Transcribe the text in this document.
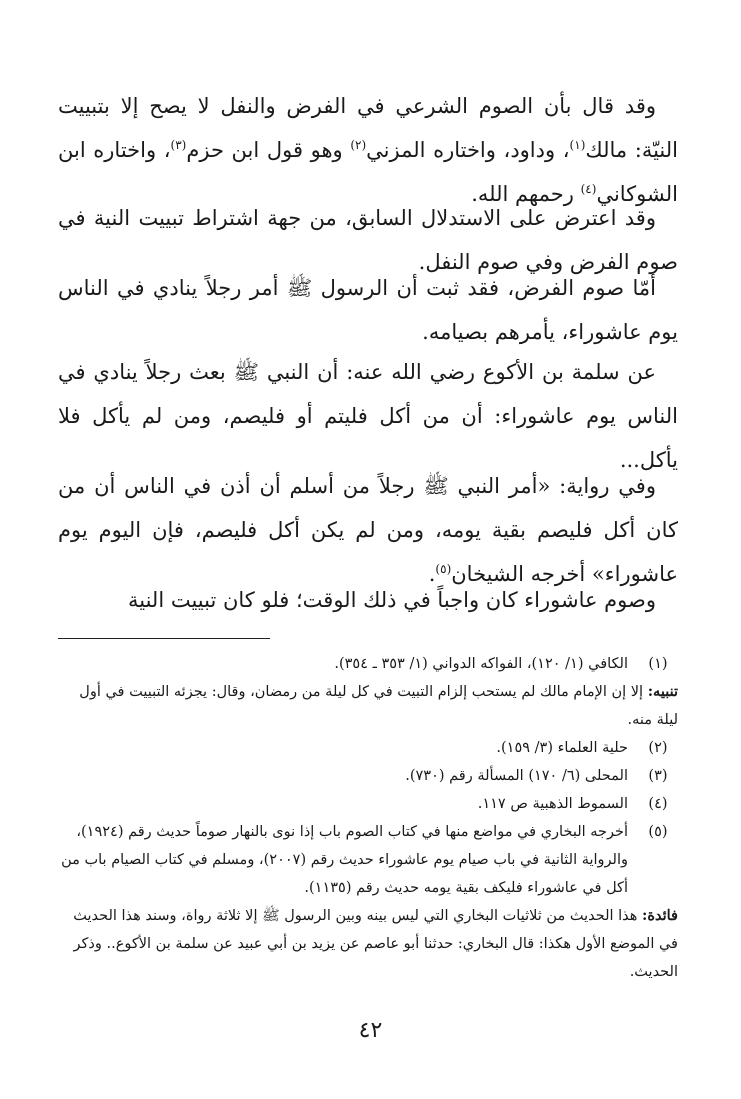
وقد قال بأن الصوم الشرعي في الفرض والنفل لا يصح إلا بتبييت النيّة: مالك$^{(١)}$، وداود، واختاره المزني$^{(٢)}$ وهو قول ابن حزم$^{(٣)}$، واختاره ابن الشوكاني$^{(٤)}$ رحمهم الله.
وقد اعترض على الاستدلال السابق، من جهة اشتراط تبييت النية في صوم الفرض وفي صوم النفل.
أمّا صوم الفرض، فقد ثبت أن الرسول ﷺ أمر رجلاً ينادي في الناس يوم عاشوراء، يأمرهم بصيامه.
عن سلمة بن الأكوع رضي الله عنه: أن النبي ﷺ بعث رجلاً ينادي في الناس يوم عاشوراء: أن من أكل فليتم أو فليصم، ومن لم يأكل فلا يأكل...
وفي رواية: «أمر النبي ﷺ رجلاً من أسلم أن أذن في الناس أن من كان أكل فليصم بقية يومه، ومن لم يكن أكل فليصم، فإن اليوم يوم عاشوراء» أخرجه الشيخان$^{(٥)}$.
وصوم عاشوراء كان واجباً في ذلك الوقت؛ فلو كان تبييت النية
(١)
الكافي (١/ ١٢٠)، الفواكه الدواني (١/ ٣٥٣ ـ ٣٥٤).
تنبيه: إلا إن الإمام مالك لم يستحب إلزام التبيت في كل ليلة من رمضان، وقال: يجزئه التبييت في أول ليلة منه.
(٢)
حلية العلماء (٣/ ١٥٩).
(٣)
المحلى (٦/ ١٧٠) المسألة رقم (٧٣٠).
(٤)
السموط الذهبية ص ١١٧.
(٥)
أخرجه البخاري في مواضع منها في كتاب الصوم باب إذا نوى بالنهار صوماً حديث رقم (١٩٢٤)، والرواية الثانية في باب صيام يوم عاشوراء حديث رقم (٢٠٠٧)، ومسلم في كتاب الصيام باب من أكل في عاشوراء فليكف بقية يومه حديث رقم (١١٣٥).
فائدة: هذا الحديث من ثلاثيات البخاري التي ليس بينه وبين الرسول ﷺ إلا ثلاثة رواة، وسند هذا الحديث في الموضع الأول هكذا: قال البخاري: حدثنا أبو عاصم عن يزيد بن أبي عبيد عن سلمة بن الأكوع.. وذكر الحديث.
٤٢
